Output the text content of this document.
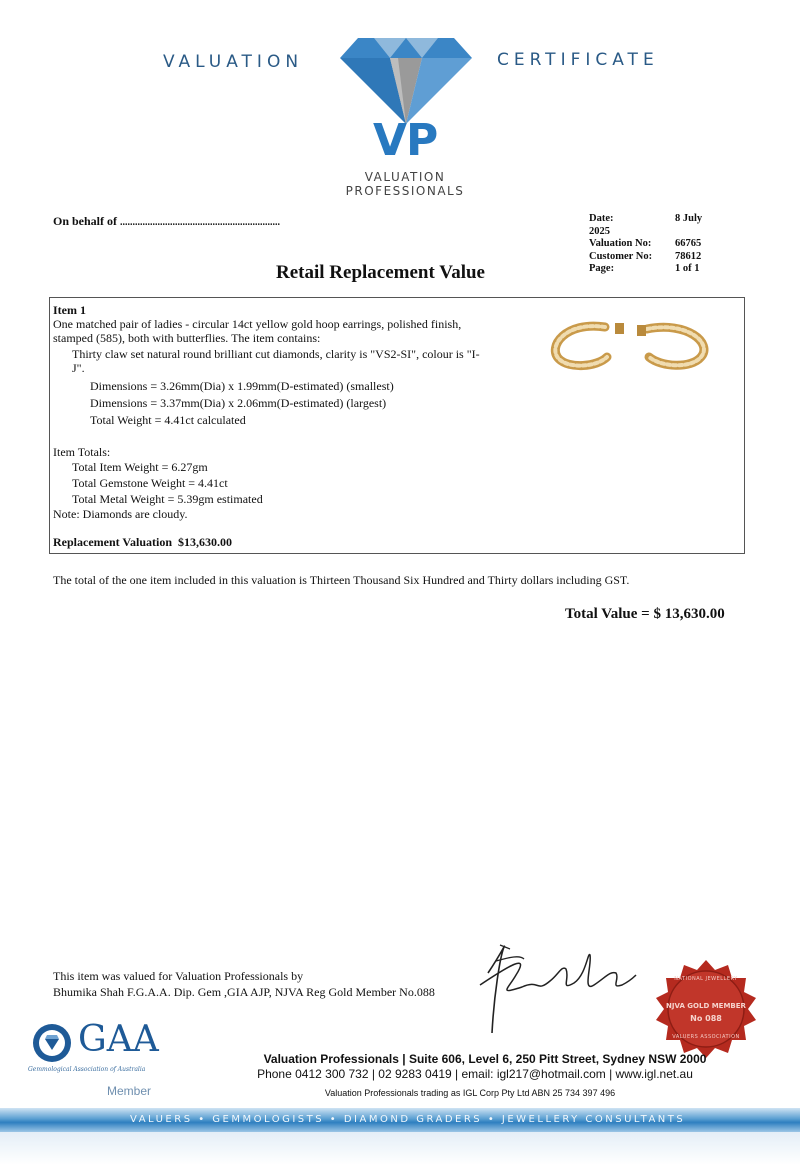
VALUATION	CERTIFICATE
VP
VALUATION
PROFESSIONALS
On behalf of ................................................................	Date:	8 July 2025
Valuation No: 66765
Customer No: 78612
Page:	1 of 1
Retail Replacement Value
Item 1
One matched pair of ladies - circular 14ct yellow gold hoop earrings, polished finish,
stamped (585), both with butterflies. The item contains:
Thirty claw set natural round brilliant cut diamonds, clarity is "VS2-SI", colour is "I-
J".
Dimensions = 3.26mm(Dia) x 1.99mm(D-estimated) (smallest)
Dimensions = 3.37mm(Dia) x 2.06mm(D-estimated) (largest)
Total Weight = 4.41ct calculated
Item Totals:
Total Item Weight = 6.27gm
Total Gemstone Weight = 4.41ct
Total Metal Weight = 5.39gm estimated
Note: Diamonds are cloudy.
Replacement Valuation $13,630.00
The total of the one item included in this valuation is Thirteen Thousand Six Hundred and Thirty dollars including GST.
Total Value = $ 13,630.00
This item was valued for Valuation Professionals by
Bhumika Shah F.G.A.A. Dip. Gem ,GIA AJP, NJVA Reg Gold Member No.088
NATIONAL JEWELLERY
NJVA GOLD MEMBER
No 088
VALUERS ASSOCIATION
GAA
Gemmological Association of Australia
Member
Valuation Professionals | Suite 606, Level 6, 250 Pitt Street, Sydney NSW 2000
Phone 0412 300 732 | 02 9283 0419 | email: igl217@hotmail.com | www.igl.net.au
Valuation Professionals trading as IGL Corp Pty Ltd ABN 25 734 397 496
VALUERS • GEMMOLOGISTS • DIAMOND GRADERS • JEWELLERY CONSULTANTS
